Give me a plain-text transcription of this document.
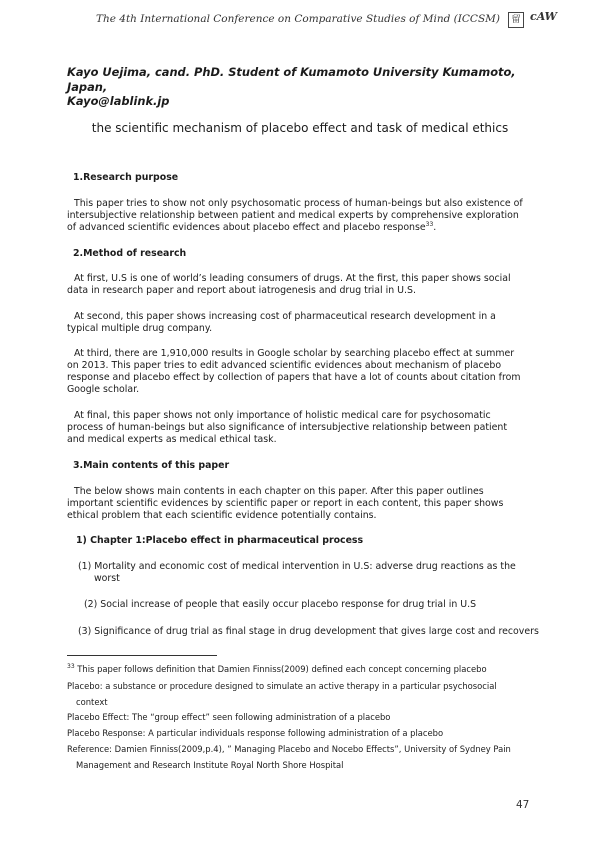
The 4th International Conference on Comparative Studies of Mind (ICCSM)	留 cAW
Kayo Uejima, cand. PhD. Student of Kumamoto University Kumamoto, Japan,
Kayo@lablink.jp
the scientific mechanism of placebo effect and task of medical ethics
1.Research purpose
This paper tries to show not only psychosomatic process of human-beings but also existence of intersubjective relationship between patient and medical experts by comprehensive exploration of advanced scientific evidences about placebo effect and placebo response$^{33}$.
2.Method of research
At first, U.S is one of world’s leading consumers of drugs. At the first, this paper shows social data in research paper and report about iatrogenesis and drug trial in U.S.
At second, this paper shows increasing cost of pharmaceutical research development in a typical multiple drug company.
At third, there are 1,910,000 results in Google scholar by searching placebo effect at summer on 2013. This paper tries to edit advanced scientific evidences about mechanism of placebo response and placebo effect by collection of papers that have a lot of counts about citation from Google scholar.
At final, this paper shows not only importance of holistic medical care for psychosomatic process of human-beings but also significance of intersubjective relationship between patient and medical experts as medical ethical task.
3.Main contents of this paper
The below shows main contents in each chapter on this paper. After this paper outlines important scientific evidences by scientific paper or report in each content, this paper shows ethical problem that each scientific evidence potentially contains.
1) Chapter 1:Placebo effect in pharmaceutical process
(1) Mortality and economic cost of medical intervention in U.S: adverse drug reactions as the
worst
(2) Social increase of people that easily occur placebo response for drug trial in U.S
(3) Significance of drug trial as final stage in drug development that gives large cost and recovers
$^{33}$ This paper follows definition that Damien Finniss(2009) defined each concept concerning placebo
Placebo: a substance or procedure designed to simulate an active therapy in a particular psychosocial
context
Placebo Effect: The “group effect” seen following administration of a placebo
Placebo Response: A particular individuals response following administration of a placebo
Reference: Damien Finniss(2009,p.4), ” Managing Placebo and Nocebo Effects”, University of Sydney Pain
Management and Research Institute Royal North Shore Hospital
47
